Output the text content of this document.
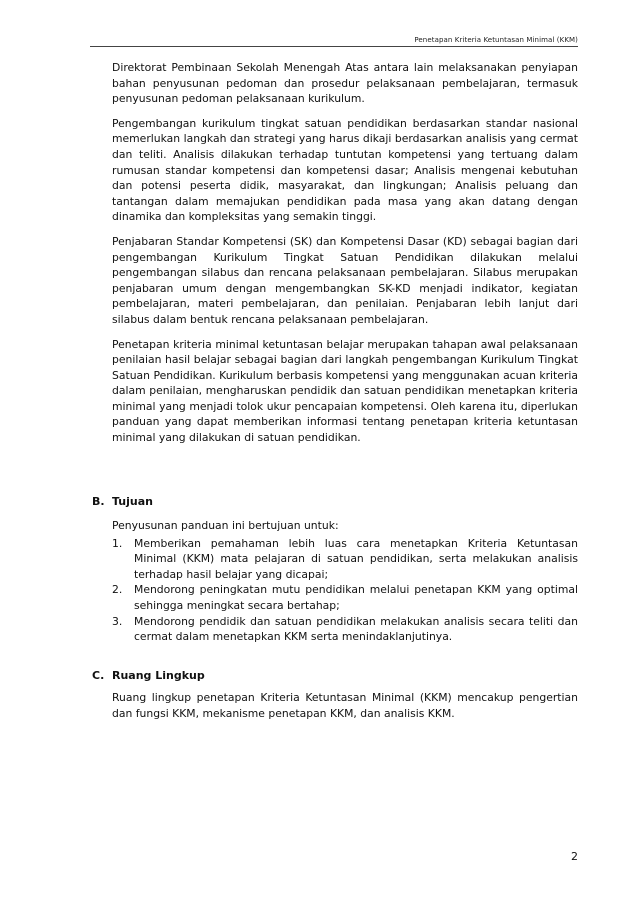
Penetapan Kriteria Ketuntasan Minimal (KKM)

Direktorat Pembinaan Sekolah Menengah Atas antara lain melaksanakan penyiapan bahan penyusunan pedoman dan prosedur pelaksanaan pembelajaran, termasuk penyusunan pedoman pelaksanaan kurikulum.

Pengembangan kurikulum tingkat satuan pendidikan berdasarkan standar nasional memerlukan langkah dan strategi yang harus dikaji berdasarkan analisis yang cermat dan teliti. Analisis dilakukan terhadap tuntutan kompetensi yang tertuang dalam rumusan standar kompetensi dan kompetensi dasar; Analisis mengenai kebutuhan dan potensi peserta didik, masyarakat, dan lingkungan; Analisis peluang dan tantangan dalam memajukan pendidikan pada masa yang akan datang dengan dinamika dan kompleksitas yang semakin tinggi.

Penjabaran Standar Kompetensi (SK) dan Kompetensi Dasar (KD) sebagai bagian dari pengembangan Kurikulum Tingkat Satuan Pendidikan dilakukan melalui pengembangan silabus dan rencana pelaksanaan pembelajaran. Silabus merupakan penjabaran umum dengan mengembangkan SK-KD menjadi indikator, kegiatan pembelajaran, materi pembelajaran, dan penilaian. Penjabaran lebih lanjut dari silabus dalam bentuk rencana pelaksanaan pembelajaran.

Penetapan kriteria minimal ketuntasan belajar merupakan tahapan awal pelaksanaan penilaian hasil belajar sebagai bagian dari langkah pengembangan Kurikulum Tingkat Satuan Pendidikan. Kurikulum berbasis kompetensi yang menggunakan acuan kriteria dalam penilaian, mengharuskan pendidik dan satuan pendidikan menetapkan kriteria minimal yang menjadi tolok ukur pencapaian kompetensi. Oleh karena itu, diperlukan panduan yang dapat memberikan informasi tentang penetapan kriteria ketuntasan minimal yang dilakukan di satuan pendidikan.

B. Tujuan

Penyusunan panduan ini bertujuan untuk:

1. Memberikan pemahaman lebih luas cara menetapkan Kriteria Ketuntasan Minimal (KKM) mata pelajaran di satuan pendidikan, serta melakukan analisis terhadap hasil belajar yang dicapai;
2. Mendorong peningkatan mutu pendidikan melalui penetapan KKM yang optimal sehingga meningkat secara bertahap;
3. Mendorong pendidik dan satuan pendidikan melakukan analisis secara teliti dan cermat dalam menetapkan KKM serta menindaklanjutinya.
C. Ruang Lingkup

Ruang lingkup penetapan Kriteria Ketuntasan Minimal (KKM) mencakup pengertian dan fungsi KKM, mekanisme penetapan KKM, dan analisis KKM.

2
